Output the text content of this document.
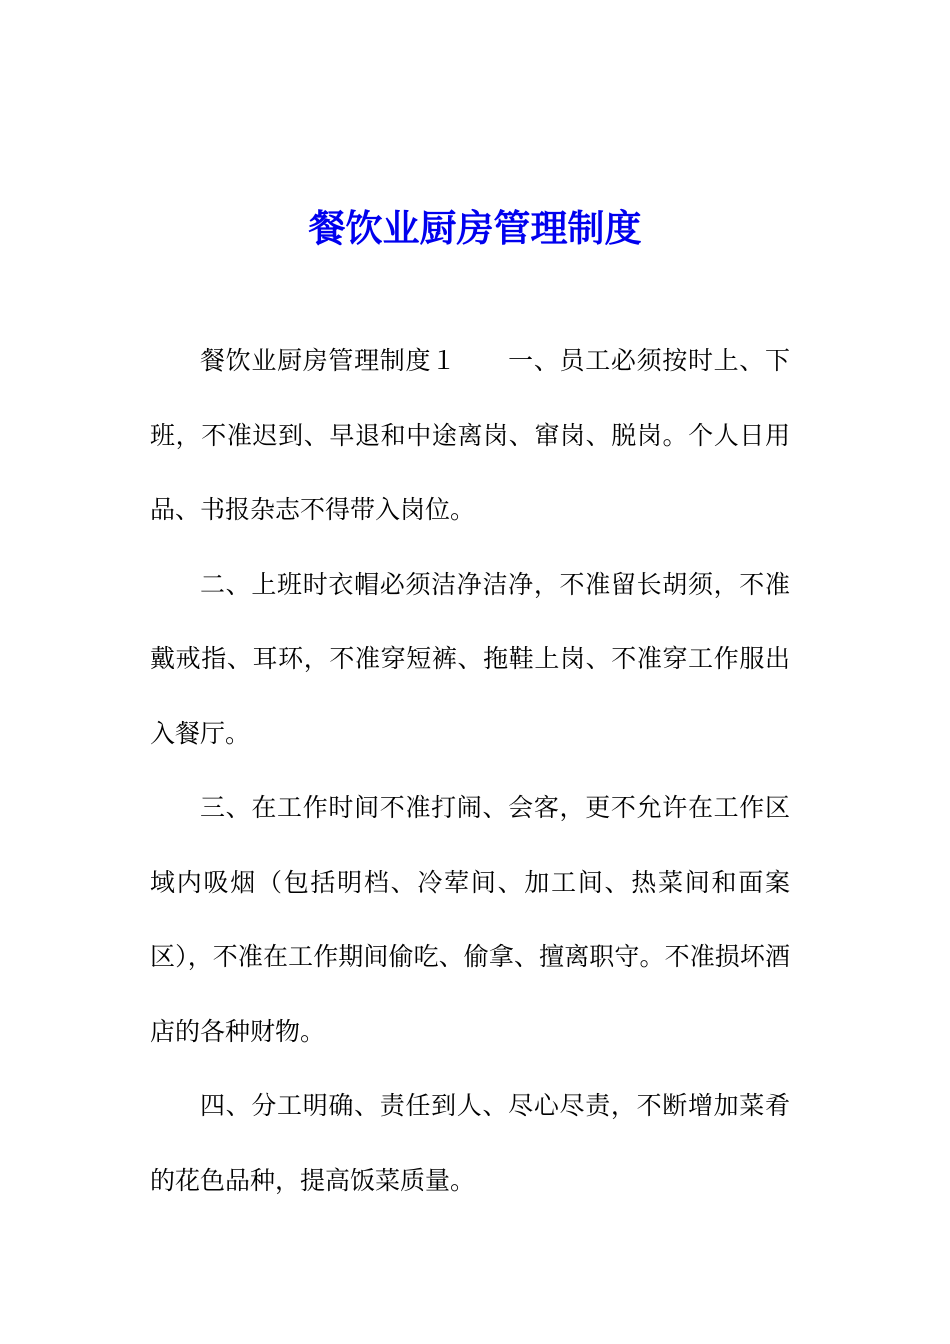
餐饮业厨房管理制度

餐饮业厨房管理制度１　　一、员工必须按时上、下班，不准迟到、早退和中途离岗、窜岗、脱岗。个人日用品、书报杂志不得带入岗位。

二、上班时衣帽必须洁净洁净，不准留长胡须，不准戴戒指、耳环，不准穿短裤、拖鞋上岗、不准穿工作服出入餐厅。

三、在工作时间不准打闹、会客，更不允许在工作区域内吸烟（包括明档、冷荤间、加工间、热菜间和面案区），不准在工作期间偷吃、偷拿、擅离职守。不准损坏酒店的各种财物。

四、分工明确、责任到人、尽心尽责，不断增加菜肴的花色品种，提高饭菜质量。
